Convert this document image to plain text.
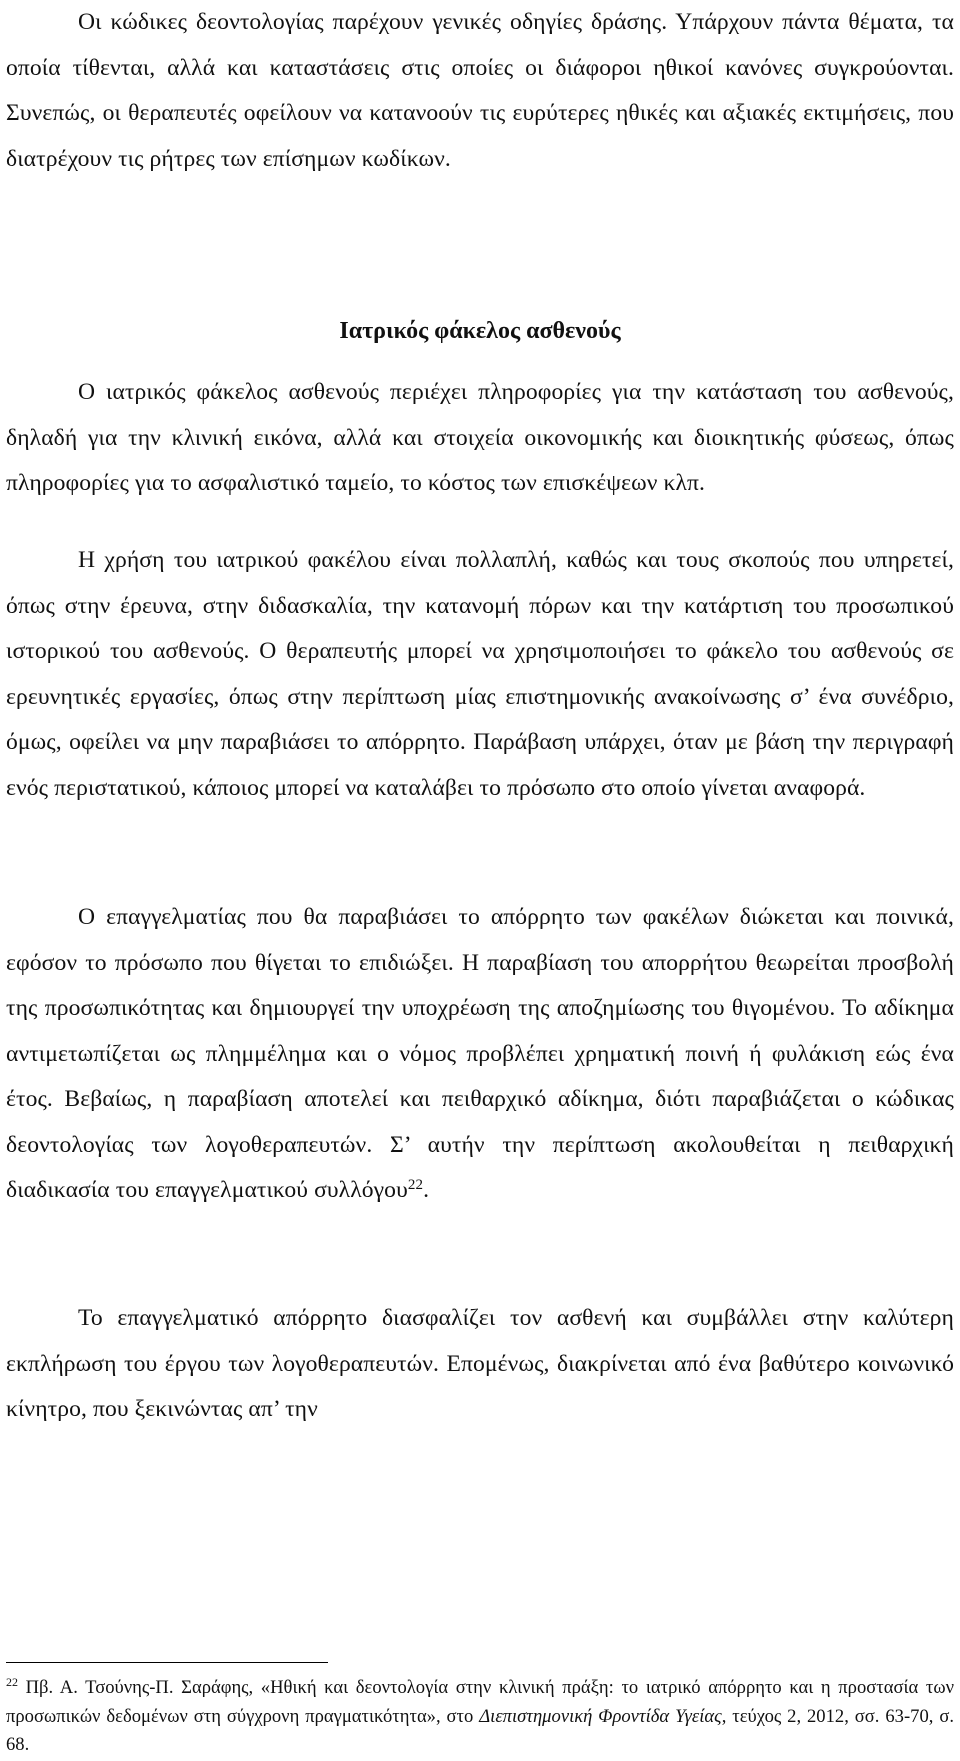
Οι κώδικες δεοντολογίας παρέχουν γενικές οδηγίες δράσης. Υπάρχουν πάντα θέματα, τα οποία τίθενται, αλλά και καταστάσεις στις οποίες οι διάφοροι ηθικοί κανόνες συγκρούονται. Συνεπώς, οι θεραπευτές οφείλουν να κατανοούν τις ευρύτερες ηθικές και αξιακές εκτιμήσεις, που διατρέχουν τις ρήτρες των επίσημων κωδίκων.

Ιατρικός φάκελος ασθενούς

Ο ιατρικός φάκελος ασθενούς περιέχει πληροφορίες για την κατάσταση του ασθενούς, δηλαδή για την κλινική εικόνα, αλλά και στοιχεία οικονομικής και διοικητικής φύσεως, όπως πληροφορίες για το ασφαλιστικό ταμείο, το κόστος των επισκέψεων κλπ.

Η χρήση του ιατρικού φακέλου είναι πολλαπλή, καθώς και τους σκοπούς που υπηρετεί, όπως στην έρευνα, στην διδασκαλία, την κατανομή πόρων και την κατάρτιση του προσωπικού ιστορικού του ασθενούς. Ο θεραπευτής μπορεί να χρησιμοποιήσει το φάκελο του ασθενούς σε ερευνητικές εργασίες, όπως στην περίπτωση μίας επιστημονικής ανακοίνωσης σ’ ένα συνέδριο, όμως, οφείλει να μην παραβιάσει το απόρρητο. Παράβαση υπάρχει, όταν με βάση την περιγραφή ενός περιστατικού, κάποιος μπορεί να καταλάβει το πρόσωπο στο οποίο γίνεται αναφορά.

Ο επαγγελματίας που θα παραβιάσει το απόρρητο των φακέλων διώκεται και ποινικά, εφόσον το πρόσωπο που θίγεται το επιδιώξει. Η παραβίαση του απορρήτου θεωρείται προσβολή της προσωπικότητας και δημιουργεί την υποχρέωση της αποζημίωσης του θιγομένου. Το αδίκημα αντιμετωπίζεται ως πλημμέλημα και ο νόμος προβλέπει χρηματική ποινή ή φυλάκιση εώς ένα έτος. Βεβαίως, η παραβίαση αποτελεί και πειθαρχικό αδίκημα, διότι παραβιάζεται ο κώδικας δεοντολογίας των λογοθεραπευτών. Σ’ αυτήν την περίπτωση ακολουθείται η πειθαρχική διαδικασία του επαγγελματικού συλλόγου$^{22}$.

Το επαγγελματικό απόρρητο διασφαλίζει τον ασθενή και συμβάλλει στην καλύτερη εκπλήρωση του έργου των λογοθεραπευτών. Επομένως, διακρίνεται από ένα βαθύτερο κοινωνικό κίνητρο, που ξεκινώντας απ’ την

$^{22}$ Πβ. Α. Τσούνης-Π. Σαράφης, «Ηθική και δεοντολογία στην κλινική πράξη: το ιατρικό απόρρητο και η προστασία των προσωπικών δεδομένων στη σύγχρονη πραγματικότητα», στο Διεπιστημονική Φροντίδα Υγείας, τεύχος 2, 2012, σσ. 63-70, σ. 68.
